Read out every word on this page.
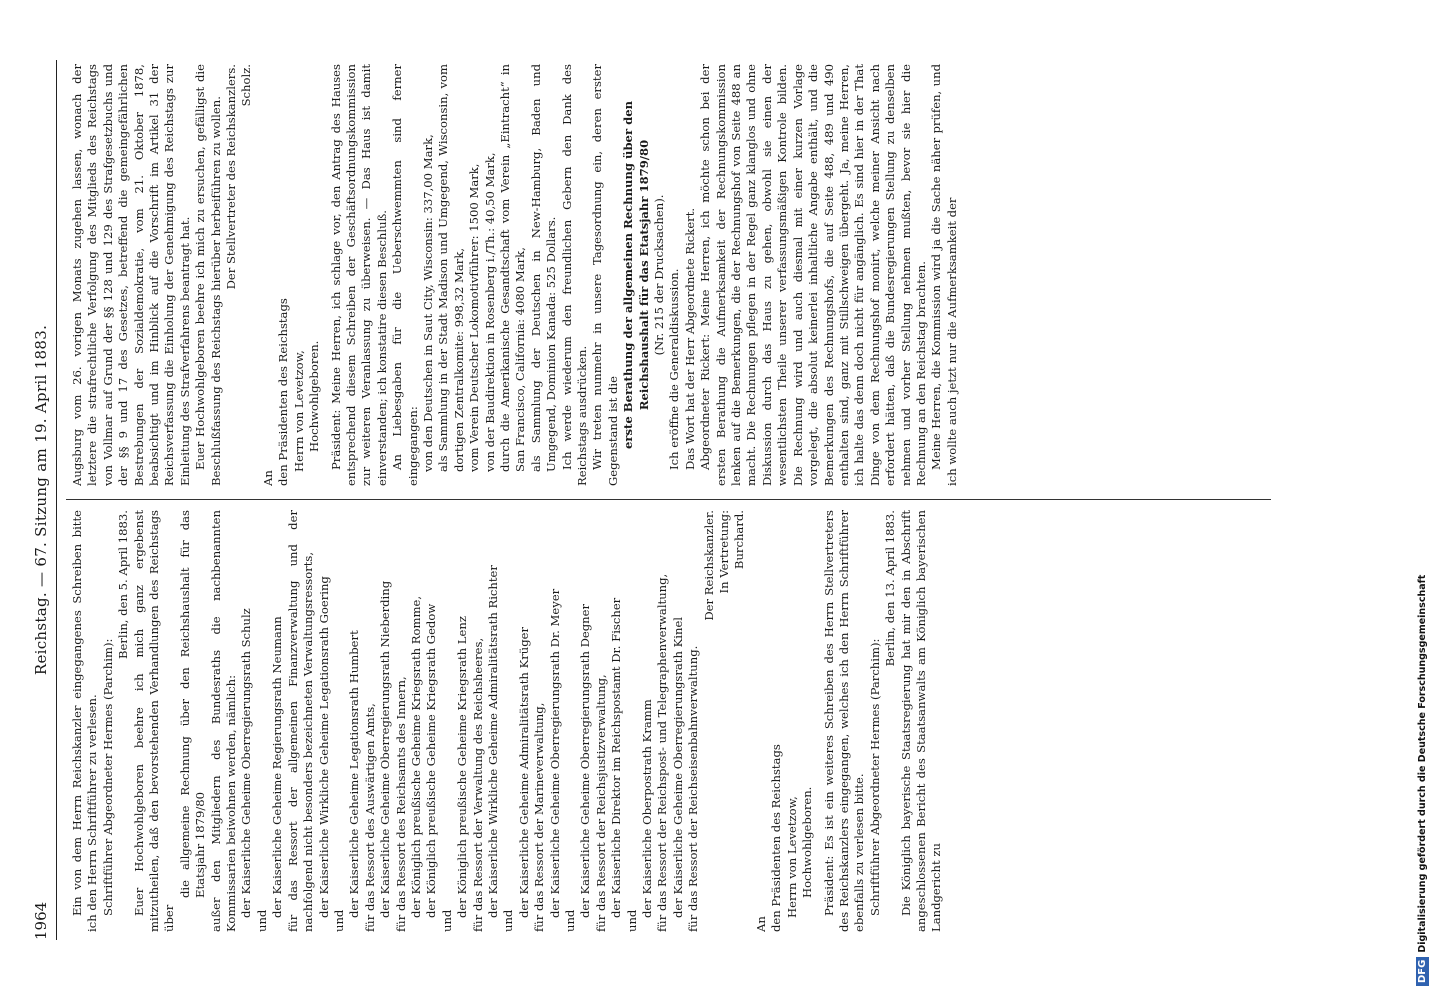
1964
Reichstag. — 67. Sitzung am 19. April 1883.

Ein von dem Herrn Reichskanzler eingegangenes Schreiben bitte ich den Herrn Schriftführer zu verlesen. Schriftführer Abgeordneter Hermes (Parchim):

Berlin, den 5. April 1883. Euer Hochwohlgeboren beehre ich mich ganz ergebenst mitzutheilen, daß den bevorstehenden Verhandlungen des Reichstags über

die allgemeine Rechnung über den Reichshaushalt für das Etatsjahr 1879/80 außer den Mitgliedern des Bundesraths die nachbenannten Kommissarien beiwohnen werden, nämlich: der Kaiserliche Geheime Oberregierungsrath Schulz

und

der Kaiserliche Geheime Regierungsrath Neumann für das Ressort der allgemeinen Finanzverwaltung und der nachfolgend nicht besonders bezeichneten Verwaltungsressorts, der Kaiserliche Wirkliche Geheime Legationsrath Goering

und

der Kaiserliche Geheime Legationsrath Humbert für das Ressort des Auswärtigen Amts, der Kaiserliche Geheime Oberregierungsrath Nieberding für das Ressort des Reichsamts des Innern, der Königlich preußische Geheime Kriegsrath Romme, der Königlich preußische Geheime Kriegsrath Gedow

und

der Königlich preußische Geheime Kriegsrath Lenz für das Ressort der Verwaltung des Reichsheeres, der Kaiserliche Wirkliche Geheime Admiralitätsrath Richter

und

der Kaiserliche Geheime Admiralitätsrath Krüger für das Ressort der Marineverwaltung, der Kaiserliche Geheime Oberregierungsrath Dr. Meyer

und

der Kaiserliche Geheime Oberregierungsrath Degner für das Ressort der Reichsjustizverwaltung, der Kaiserliche Direktor im Reichspostamt Dr. Fischer

und

der Kaiserliche Oberpostrath Kramm für das Ressort der Reichspost- und Telegraphenverwaltung, der Kaiserliche Geheime Oberregierungsrath Kinel für das Ressort der Reichseisenbahnverwaltung.

Der Reichskanzler. In Vertretung: Burchard.

An den Präsidenten des Reichstags Herrn von Levetzow, Hochwohlgeboren. Präsident: Es ist ein weiteres Schreiben des Herrn Stellvertreters des Reichskanzlers eingegangen, welches ich den Herrn Schriftführer ebenfalls zu verlesen bitte. Schriftführer Abgeordneter Hermes (Parchim):

Berlin, den 13. April 1883. Die Königlich bayerische Staatsregierung hat mir den in Abschrift angeschlossenen Bericht des Staatsanwalts am Königlich bayerischen Landgericht zu

Augsburg vom 26. vorigen Monats zugehen lassen, wonach der letztere die strafrechtliche Verfolgung des Mitglieds des Reichstags von Vollmar auf Grund der §§ 128 und 129 des Strafgesetzbuchs und der §§ 9 und 17 des Gesetzes, betreffend die gemeingefährlichen Bestrebungen der Sozialdemokratie, vom 21. Oktober 1878, beabsichtigt und im Hinblick auf die Vorschrift im Artikel 31 der Reichsverfassung die Einholung der Genehmigung des Reichstags zur Einleitung des Strafverfahrens beantragt hat. Euer Hochwohlgeboren beehre ich mich zu ersuchen, gefälligst die Beschlußfassung des Reichstags hierüber herbeiführen zu wollen. Der Stellvertreter des Reichskanzlers. Scholz.

An den Präsidenten des Reichstags Herrn von Levetzow, Hochwohlgeboren. Präsident: Meine Herren, ich schlage vor, den Antrag des Hauses entsprechend diesem Schreiben der Geschäftsordnungskommission zur weiteren Veranlassung zu überweisen. — Das Haus ist damit einverstanden; ich konstatire diesen Beschluß. An Liebesgaben für die Ueberschwemmten sind ferner eingegangen: von den Deutschen in Saut City, Wisconsin: 337,00 Mark, als Sammlung in der Stadt Madison und Umgegend, Wisconsin, vom dortigen Zentralkomite: 998,32 Mark, vom Verein Deutscher Lokomotivführer: 1500 Mark, von der Baudirektion in Rosenberg i./Th.: 40,50 Mark, durch die Amerikanische Gesandtschaft vom Verein „Eintracht“ in San Francisco, California: 4080 Mark, als Sammlung der Deutschen in New-Hamburg, Baden und Umgegend, Dominion Kanada: 525 Dollars. Ich werde wiederum den freundlichen Gebern den Dank des Reichstags ausdrücken. Wir treten nunmehr in unsere Tagesordnung ein, deren erster Gegenstand ist die erste Berathung der allgemeinen Rechnung über den Reichshaushalt für das Etatsjahr 1879/80 (Nr. 215 der Drucksachen). Ich eröffne die Generaldiskussion. Das Wort hat der Herr Abgeordnete Rickert. Abgeordneter Rickert: Meine Herren, ich möchte schon bei der ersten Berathung die Aufmerksamkeit der Rechnungskommission lenken auf die Bemerkungen, die der Rechnungshof von Seite 488 an macht. Die Rechnungen pflegen in der Regel ganz klanglos und ohne Diskussion durch das Haus zu gehen, obwohl sie einen der wesentlichsten Theile unserer verfassungsmäßigen Kontrole bilden. Die Rechnung wird und auch diesmal mit einer kurzen Vorlage vorgelegt, die absolut keinerlei inhaltliche Angabe enthält, und die Bemerkungen des Rechnungshofs, die auf Seite 488, 489 und 490 enthalten sind, ganz mit Stillschweigen übergeht. Ja, meine Herren, ich halte das denn doch nicht für angänglich. Es sind hier in der That Dinge von dem Rechnungshof monirt, welche meiner Ansicht nach erfordert hätten, daß die Bundesregierungen Stellung zu denselben nehmen und vorher Stellung nehmen mußten, bevor sie hier die Rechnung an den Reichstag brachten. Meine Herren, die Kommission wird ja die Sache näher prüfen, und ich wollte auch jetzt nur die Aufmerksamkeit der

DFG
Digitalisierung gefördert durch die Deutsche Forschungsgemeinschaft
